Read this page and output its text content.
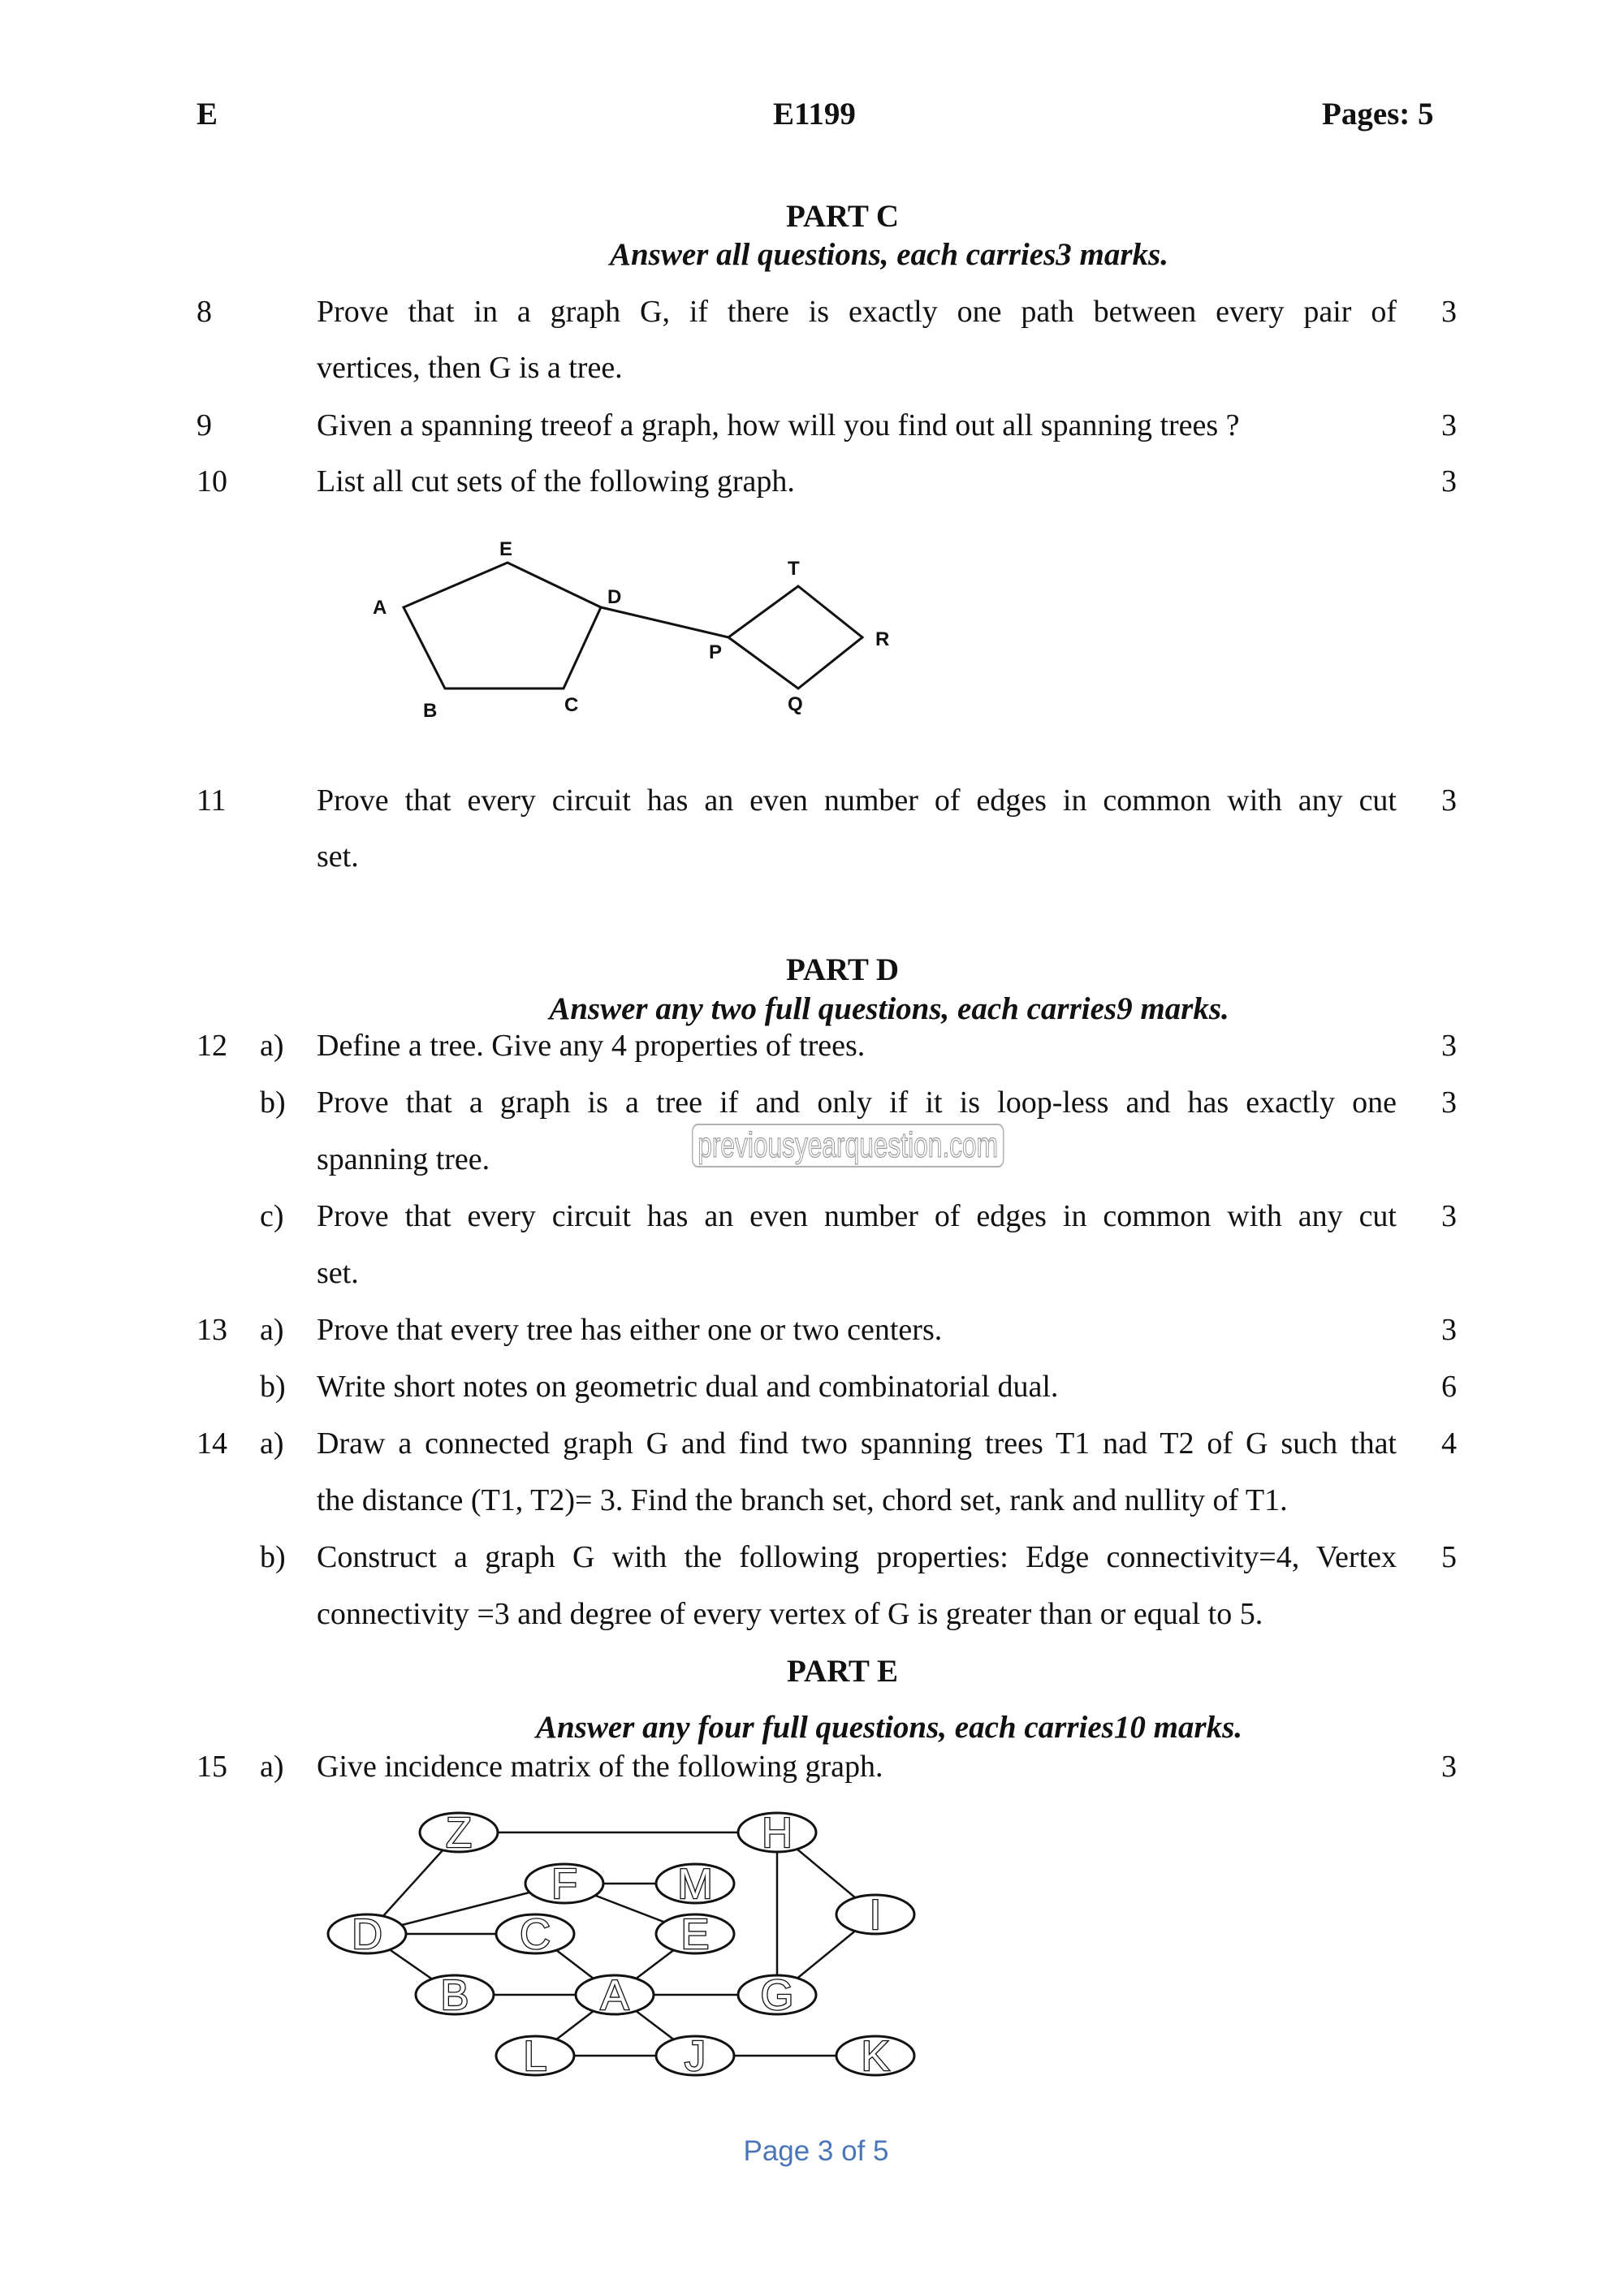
E	E1199	Pages: 5
PART C
Answer all questions, each carries3 marks.
8	Prove that in a graph G, if there is exactly one path between every pair of
vertices, then G is a tree.
3
9	Given a spanning treeof a graph, how will you find out all spanning trees ?	3
10	List all cut sets of the following graph.	3
A
B	C
D
E
P
T
R
Q
11	Prove that every circuit has an even number of edges in common with any cut
set.
3
PART D
Answer any two full questions, each carries9 marks.
12 a) Define a tree. Give any 4 properties of trees.	3
b) Prove that a graph is a tree if and only if it is loop-less and has exactly one
spanning tree.
3
previousyearquestion.com
c) Prove that every circuit has an even number of edges in common with any cut
set.
3
13 a) Prove that every tree has either one or two centers.	3
b) Write short notes on geometric dual and combinatorial dual.	6
14 a) Draw a connected graph G and find two spanning trees T1 nad T2 of G such that
the distance (T1, T2)= 3. Find the branch set, chord set, rank and nullity of T1.
4
b) Construct a graph G with the following properties: Edge connectivity=4, Vertex
connectivity =3 and degree of every vertex of G is greater than or equal to 5.
5
PART E
Answer any four full questions, each carries10 marks.
15 a) Give incidence matrix of the following graph.	3
Z	H
F M
I
D	C	E
B	A	G
L	J	K
Page 3 of 5
